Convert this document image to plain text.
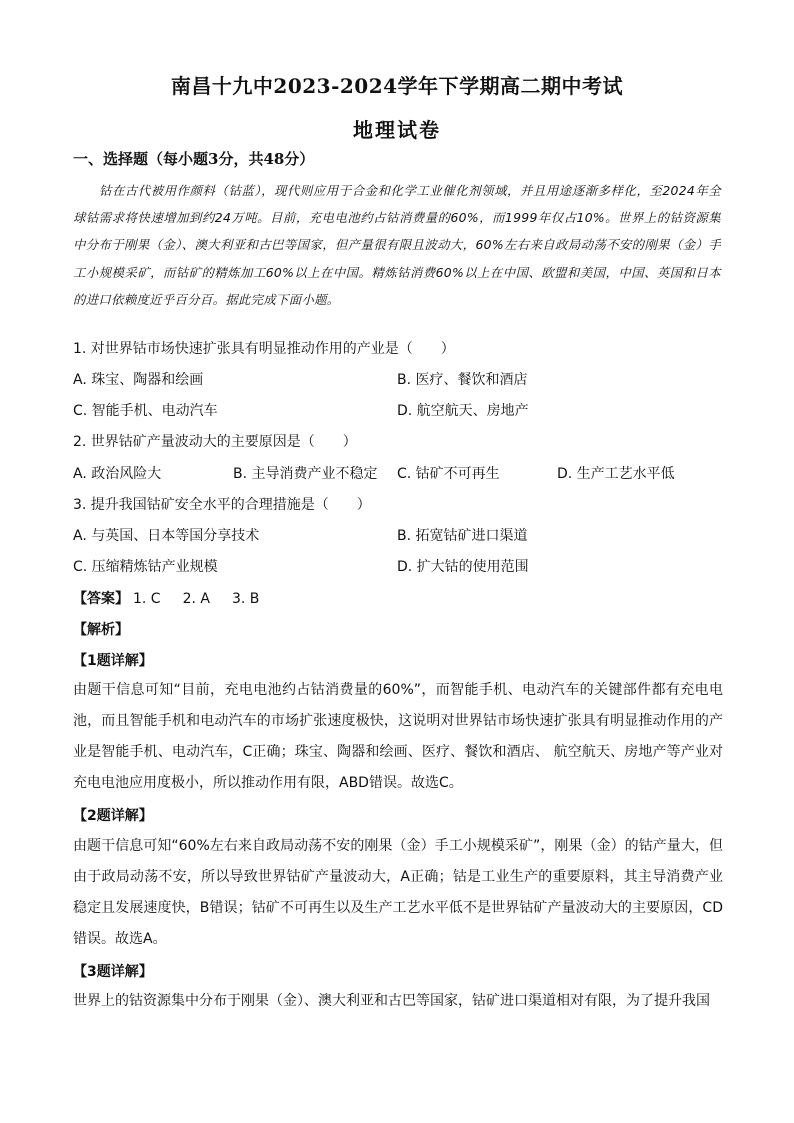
南昌十九中2023-2024学年下学期高二期中考试
地理试卷
一、选择题（每小题3分，共48分）

钴在古代被用作颜料（钴蓝），现代则应用于合金和化学工业催化剂领域，并且用途逐渐多样化，至2024年全球钴需求将快速增加到约24万吨。目前，充电电池约占钴消费量的60%，而1999年仅占10%。世界上的钴资源集中分布于刚果（金）、澳大利亚和古巴等国家，但产量很有限且波动大，60%左右来自政局动荡不安的刚果（金）手工小规模采矿，而钴矿的精炼加工60%以上在中国。精炼钴消费60%以上在中国、欧盟和美国，中国、英国和日本的进口依赖度近乎百分百。据此完成下面小题。

1. 对世界钴市场快速扩张具有明显推动作用的产业是（　　）
A. 珠宝、陶器和绘画	B. 医疗、餐饮和酒店
C. 智能手机、电动汽车	D. 航空航天、房地产
2. 世界钴矿产量波动大的主要原因是（　　）
A. 政治风险大	B. 主导消费产业不稳定 C. 钴矿不可再生	D. 生产工艺水平低
3. 提升我国钴矿安全水平的合理措施是（　　）
A. 与英国、日本等国分享技术	B. 拓宽钴矿进口渠道
C. 压缩精炼钴产业规模	D. 扩大钴的使用范围
【答案】 1. C 2. A 3. B
【解析】
【1题详解】

由题干信息可知“目前，充电电池约占钴消费量的60%”，而智能手机、电动汽车的关键部件都有充电电池，而且智能手机和电动汽车的市场扩张速度极快，这说明对世界钴市场快速扩张具有明显推动作用的产业是智能手机、电动汽车，C正确；珠宝、陶器和绘画、医疗、餐饮和酒店、 航空航天、房地产等产业对充电电池应用度极小，所以推动作用有限，ABD错误。故选C。

【2题详解】

由题干信息可知“60%左右来自政局动荡不安的刚果（金）手工小规模采矿”，刚果（金）的钴产量大，但由于政局动荡不安，所以导致世界钴矿产量波动大，A正确；钴是工业生产的重要原料，其主导消费产业稳定且发展速度快，B错误；钴矿不可再生以及生产工艺水平低不是世界钴矿产量波动大的主要原因，CD错误。故选A。

【3题详解】

世界上的钴资源集中分布于刚果（金）、澳大利亚和古巴等国家，钴矿进口渠道相对有限，为了提升我国
